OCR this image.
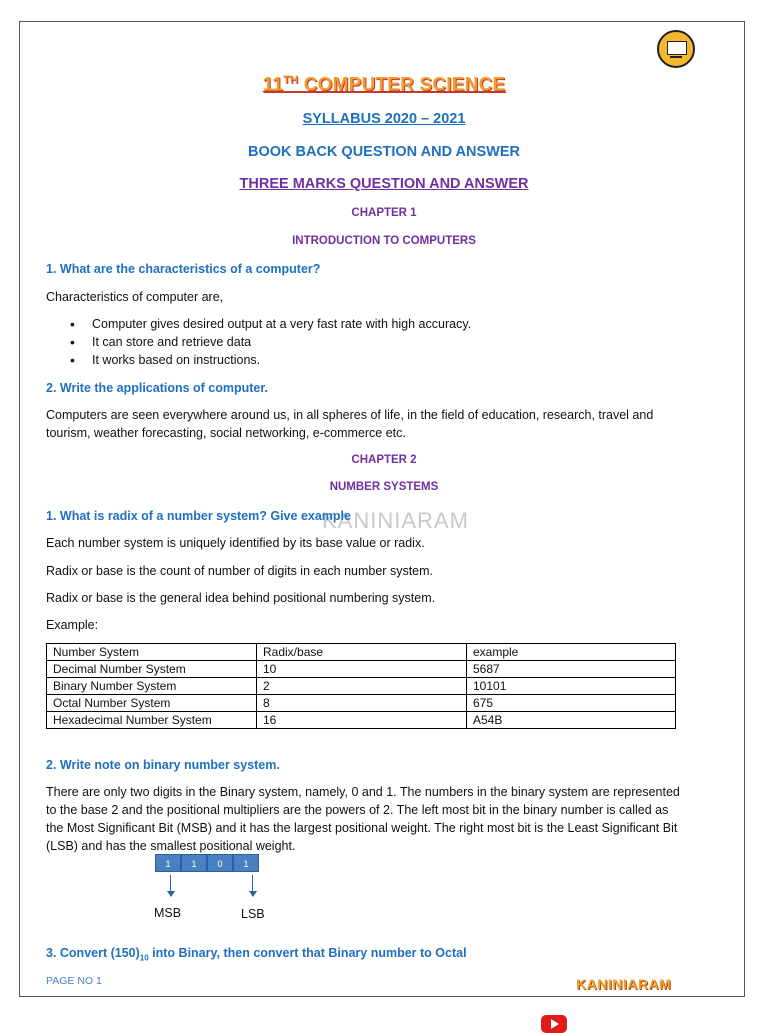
11TH COMPUTER SCIENCE
SYLLABUS 2020 – 2021
BOOK BACK QUESTION AND ANSWER
THREE MARKS QUESTION AND ANSWER
CHAPTER 1
INTRODUCTION TO COMPUTERS
1. What are the characteristics of a computer?
Characteristics of computer are,
• Computer gives desired output at a very fast rate with high accuracy.
• It can store and retrieve data
• It works based on instructions.
2. Write the applications of computer.
Computers are seen everywhere around us, in all spheres of life, in the field of education, research, travel and tourism, weather forecasting, social networking, e-commerce etc.
CHAPTER 2
NUMBER SYSTEMS
KANINIARAM
1. What is radix of a number system? Give example
Each number system is uniquely identified by its base value or radix.
Radix or base is the count of number of digits in each number system.
Radix or base is the general idea behind positional numbering system.
Example:
Number System	Radix/base	example
Decimal Number System	10	5687
Binary Number System	2	10101
Octal Number System	8	675
Hexadecimal Number System	16	A54B
2. Write note on binary number system.
There are only two digits in the Binary system, namely, 0 and 1. The numbers in the binary system are represented to the base 2 and the positional multipliers are the powers of 2. The left most bit in the binary number is called as the Most Significant Bit (MSB) and it has the largest positional weight. The right most bit is the Least Significant Bit (LSB) and has the smallest positional weight.
1	1	0	1
MSB	LSB
3. Convert $(150)_{10}$ into Binary, then convert that Binary number to Octal
PAGE NO 1	KANINIARAM
